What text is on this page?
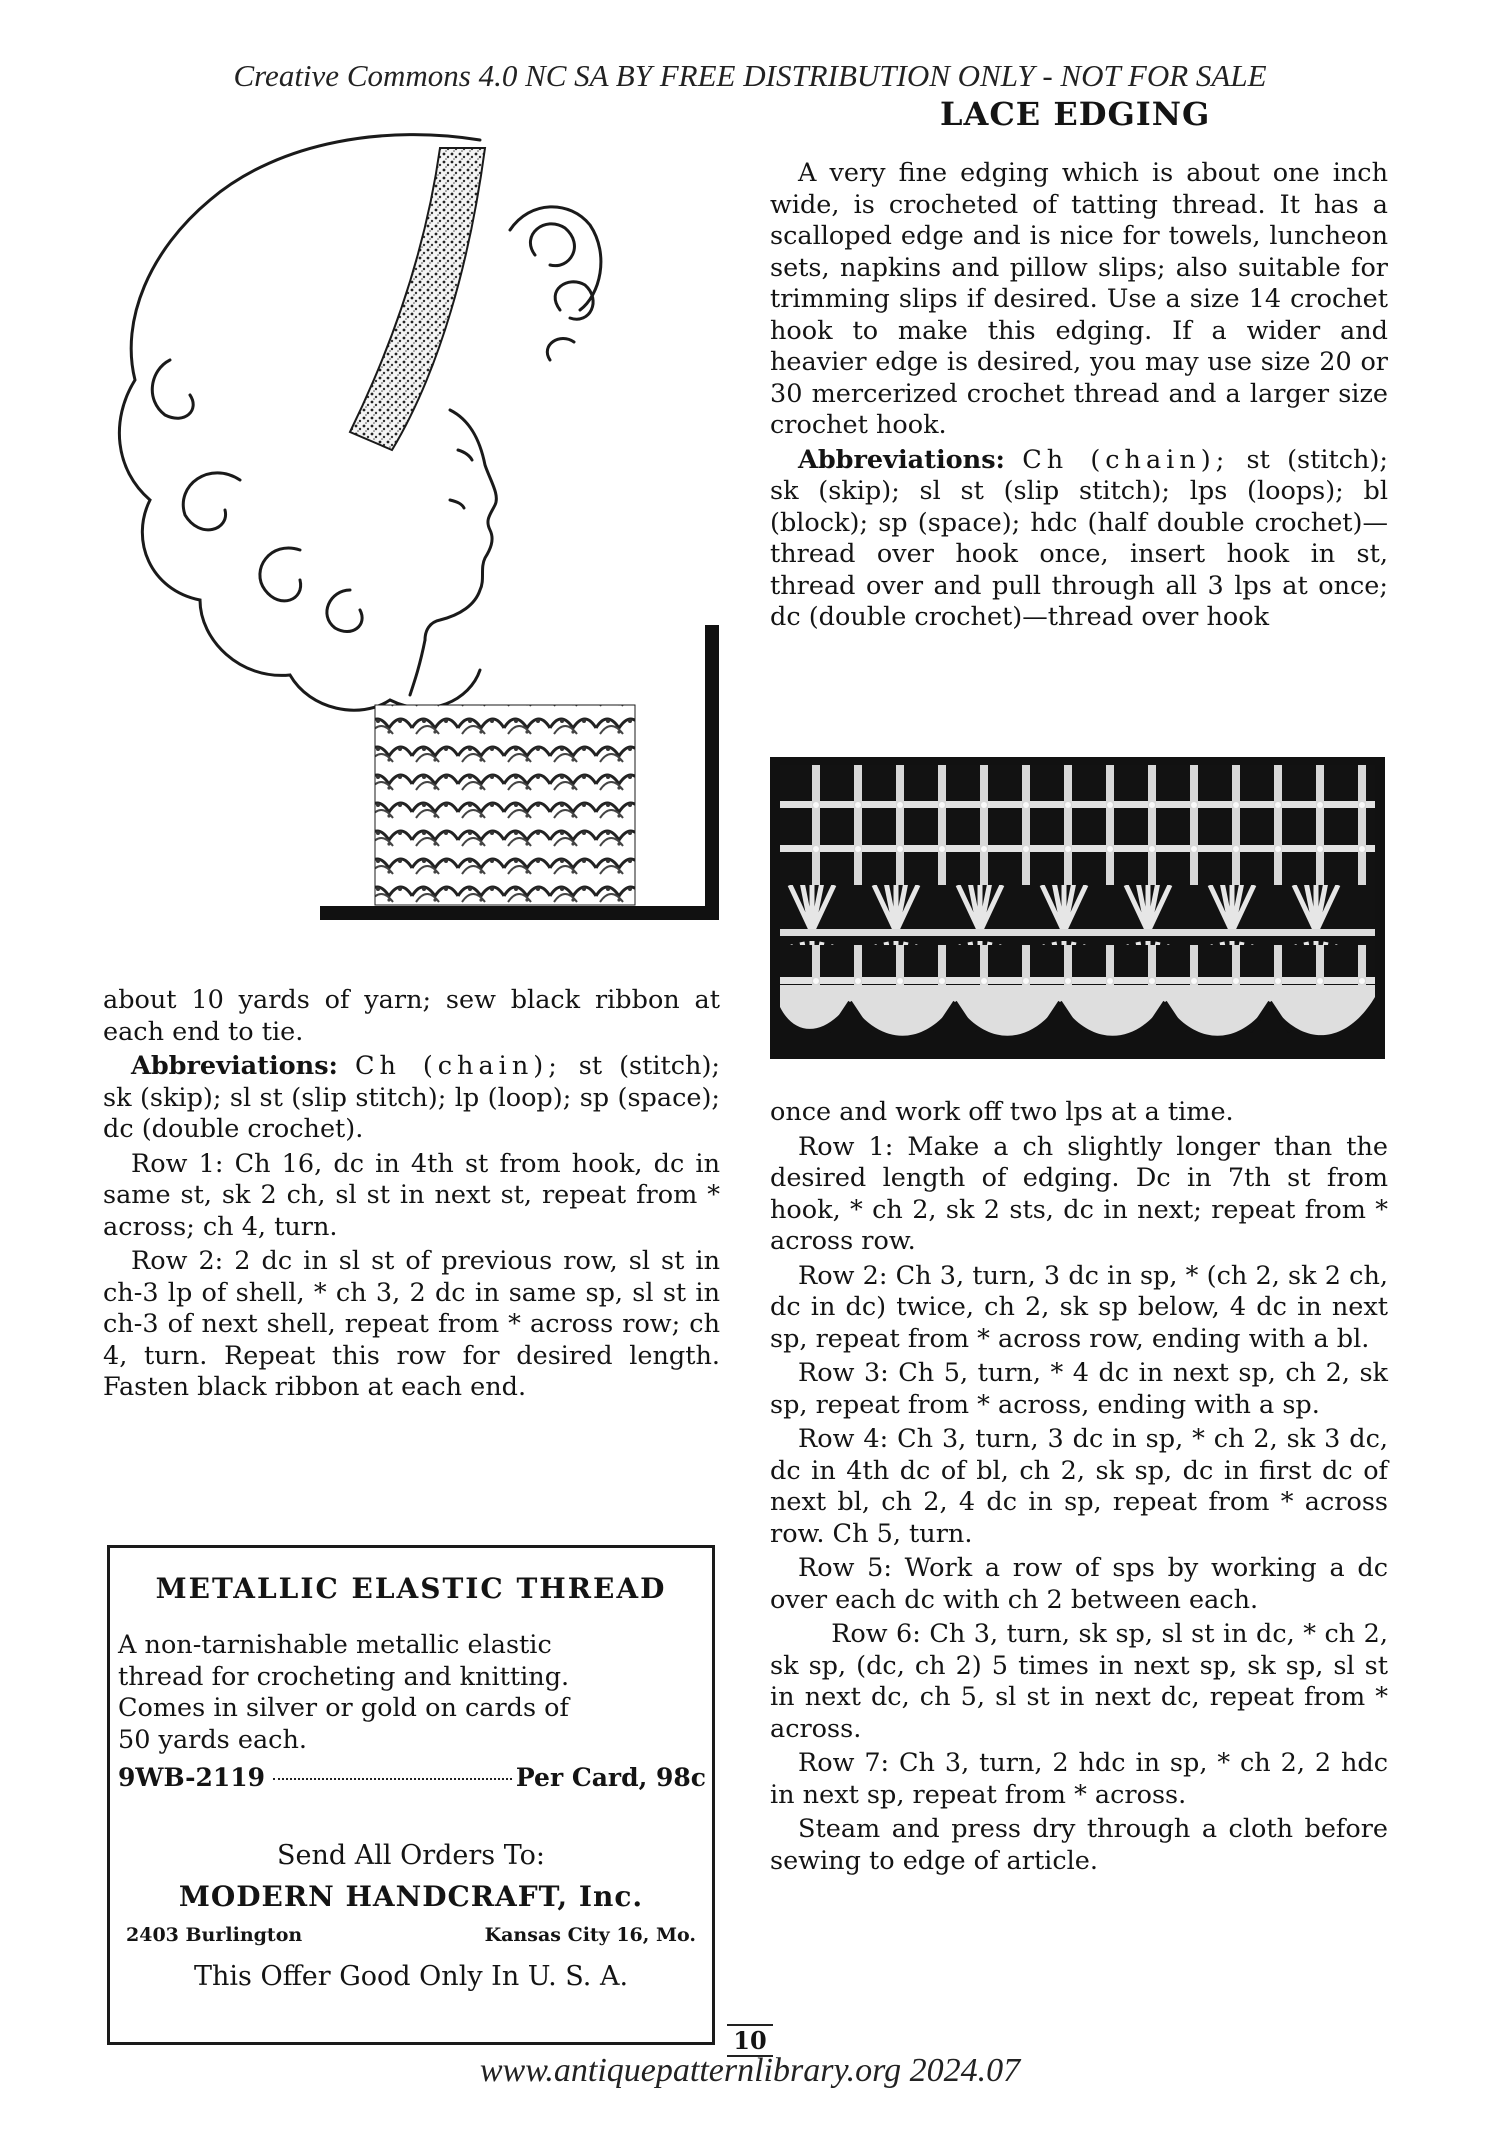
Creative Commons 4.0 NC SA BY FREE DISTRIBUTION ONLY - NOT FOR SALE
LACE EDGING

A very fine edging which is about one inch wide, is crocheted of tatting thread. It has a scalloped edge and is nice for towels, luncheon sets, napkins and pillow slips; also suitable for trimming slips if desired. Use a size 14 crochet hook to make this edging. If a wider and heavier edge is desired, you may use size 20 or 30 mercerized crochet thread and a larger size crochet hook.

Abbreviations: Ch (chain); st (stitch); sk (skip); sl st (slip stitch); lps (loops); bl (block); sp (space); hdc (half double crochet)—thread over hook once, insert hook in st, thread over and pull through all 3 lps at once; dc (double crochet)—thread over hook

once and work off two lps at a time.

Row 1: Make a ch slightly longer than the desired length of edging. Dc in 7th st from hook, * ch 2, sk 2 sts, dc in next; repeat from * across row.

Row 2: Ch 3, turn, 3 dc in sp, * (ch 2, sk 2 ch, dc in dc) twice, ch 2, sk sp below, 4 dc in next sp, repeat from * across row, ending with a bl.

Row 3: Ch 5, turn, * 4 dc in next sp, ch 2, sk sp, repeat from * across, ending with a sp.

Row 4: Ch 3, turn, 3 dc in sp, * ch 2, sk 3 dc, dc in 4th dc of bl, ch 2, sk sp, dc in first dc of next bl, ch 2, 4 dc in sp, repeat from * across row. Ch 5, turn.

Row 5: Work a row of sps by working a dc over each dc with ch 2 between each.

Row 6: Ch 3, turn, sk sp, sl st in dc, * ch 2, sk sp, (dc, ch 2) 5 times in next sp, sk sp, sl st in next dc, ch 5, sl st in next dc, repeat from * across.

Row 7: Ch 3, turn, 2 hdc in sp, * ch 2, 2 hdc in next sp, repeat from * across.

Steam and press dry through a cloth before sewing to edge of article.

about 10 yards of yarn; sew black ribbon at each end to tie.

Abbreviations: Ch (chain); st (stitch); sk (skip); sl st (slip stitch); lp (loop); sp (space); dc (double crochet).

Row 1: Ch 16, dc in 4th st from hook, dc in same st, sk 2 ch, sl st in next st, repeat from * across; ch 4, turn.

Row 2: 2 dc in sl st of previous row, sl st in ch-3 lp of shell, * ch 3, 2 dc in same sp, sl st in ch-3 of next shell, repeat from * across row; ch 4, turn. Repeat this row for desired length. Fasten black ribbon at each end.

METALLIC ELASTIC THREAD
A non-tarnishable metallic elastic
thread for crocheting and knitting.
Comes in silver or gold on cards of
50 yards each.
9WB-2119	Per Card, 98c
Send All Orders To:
MODERN HANDCRAFT, Inc.
2403 Burlington	Kansas City 16, Mo.
This Offer Good Only In U. S. A.
10
www.antiquepatternlibrary.org 2024.07
